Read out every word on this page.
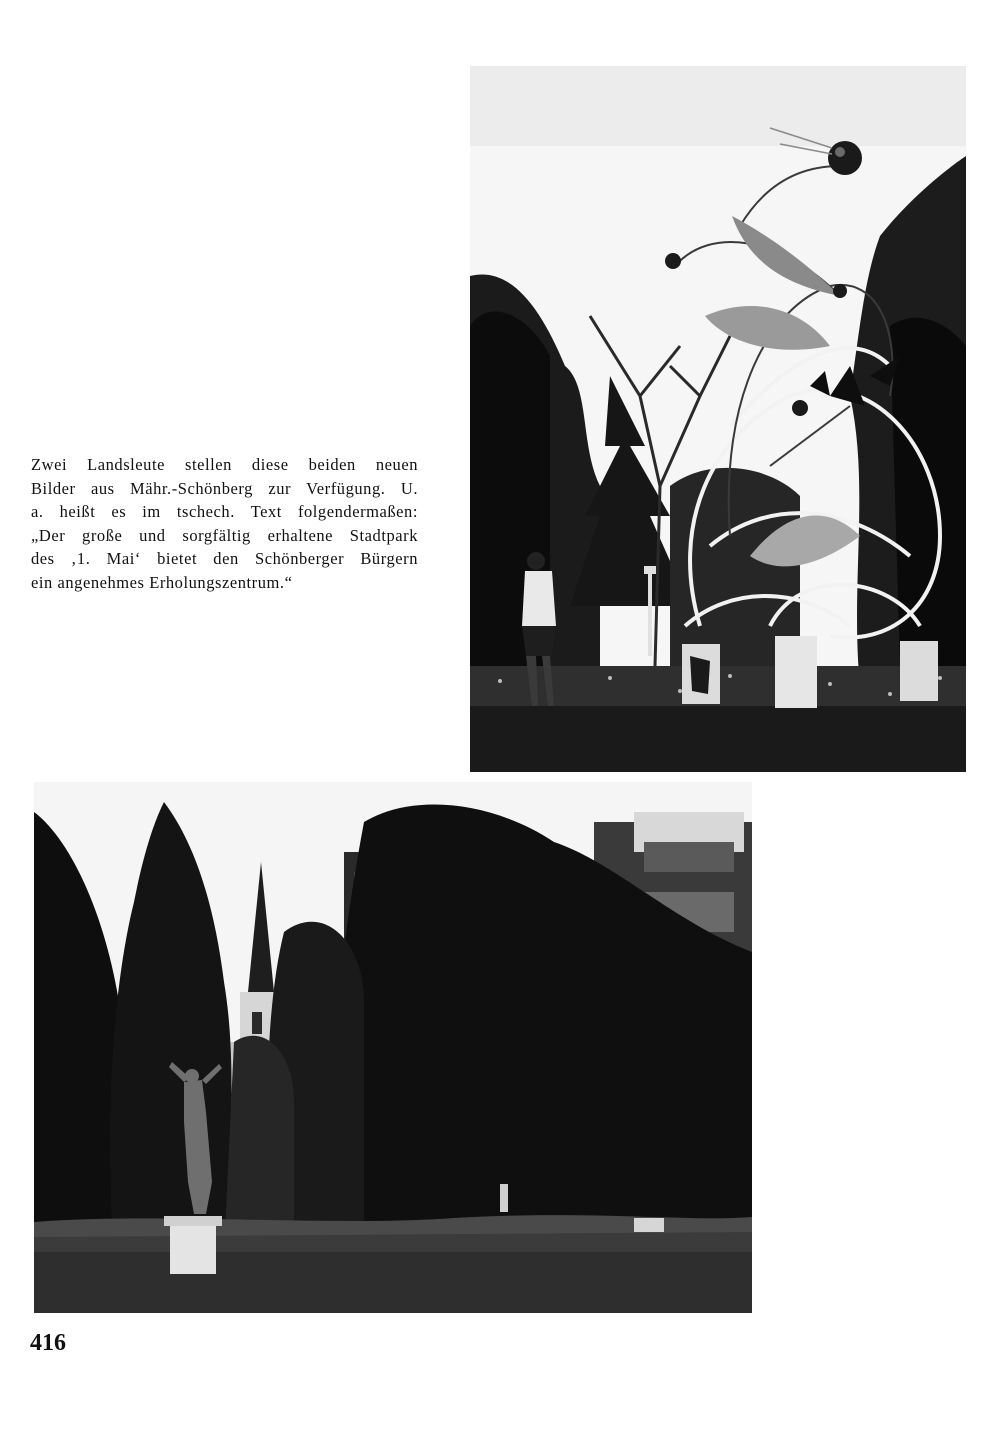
Zwei Landsleute stellen diese beiden neuen
Bilder aus Mähr.-Schönberg zur Verfügung. U.
a. heißt es im tschech. Text folgendermaßen:
„Der große und sorgfältig erhaltene Stadtpark
des ‚1. Mai‘ bietet den Schönberger Bürgern
ein angenehmes Erholungszentrum.“

416
